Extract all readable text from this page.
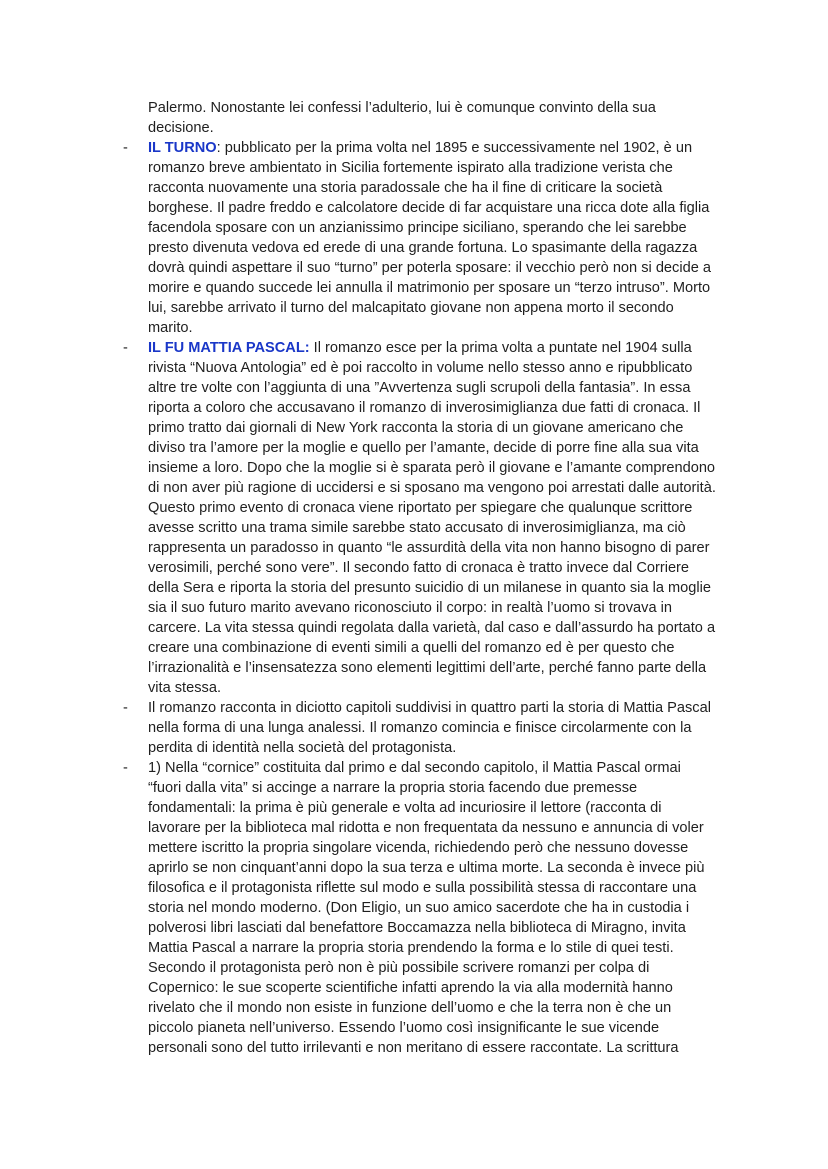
Palermo. Nonostante lei confessi l’adulterio, lui è comunque convinto della sua decisione.

- IL TURNO: pubblicato per la prima volta nel 1895 e successivamente nel 1902, è un romanzo breve ambientato in Sicilia fortemente ispirato alla tradizione verista che racconta nuovamente una storia paradossale che ha il fine di criticare la società borghese. Il padre freddo e calcolatore decide di far acquistare una ricca dote alla figlia facendola sposare con un anzianissimo principe siciliano, sperando che lei sarebbe presto divenuta vedova ed erede di una grande fortuna. Lo spasimante della ragazza dovrà quindi aspettare il suo “turno” per poterla sposare: il vecchio però non si decide a morire e quando succede lei annulla il matrimonio per sposare un “terzo intruso”. Morto lui, sarebbe arrivato il turno del malcapitato giovane non appena morto il secondo marito.
- IL FU MATTIA PASCAL: Il romanzo esce per la prima volta a puntate nel 1904 sulla rivista “Nuova Antologia” ed è poi raccolto in volume nello stesso anno e ripubblicato altre tre volte con l’aggiunta di una ”Avvertenza sugli scrupoli della fantasia”. In essa riporta a coloro che accusavano il romanzo di inverosimiglianza due fatti di cronaca. Il primo tratto dai giornali di New York racconta la storia di un giovane americano che diviso tra l’amore per la moglie e quello per l’amante, decide di porre fine alla sua vita insieme a loro. Dopo che la moglie si è sparata però il giovane e l’amante comprendono di non aver più ragione di uccidersi e si sposano ma vengono poi arrestati dalle autorità. Questo primo evento di cronaca viene riportato per spiegare che qualunque scrittore avesse scritto una trama simile sarebbe stato accusato di inverosimiglianza, ma ciò rappresenta un paradosso in quanto “le assurdità della vita non hanno bisogno di parer verosimili, perché sono vere”. Il secondo fatto di cronaca è tratto invece dal Corriere della Sera e riporta la storia del presunto suicidio di un milanese in quanto sia la moglie sia il suo futuro marito avevano riconosciuto il corpo: in realtà l’uomo si trovava in carcere. La vita stessa quindi regolata dalla varietà, dal caso e dall’assurdo ha portato a creare una combinazione di eventi simili a quelli del romanzo ed è per questo che l’irrazionalità e l’insensatezza sono elementi legittimi dell’arte, perché fanno parte della vita stessa.
- Il romanzo racconta in diciotto capitoli suddivisi in quattro parti la storia di Mattia Pascal nella forma di una lunga analessi. Il romanzo comincia e finisce circolarmente con la perdita di identità nella società del protagonista.
- 1) Nella “cornice” costituita dal primo e dal secondo capitolo, il Mattia Pascal ormai “fuori dalla vita” si accinge a narrare la propria storia facendo due premesse fondamentali: la prima è più generale e volta ad incuriosire il lettore (racconta di lavorare per la biblioteca mal ridotta e non frequentata da nessuno e annuncia di voler mettere iscritto la propria singolare vicenda, richiedendo però che nessuno dovesse aprirlo se non cinquant’anni dopo la sua terza e ultima morte. La seconda è invece più filosofica e il protagonista riflette sul modo e sulla possibilità stessa di raccontare una storia nel mondo moderno. (Don Eligio, un suo amico sacerdote che ha in custodia i polverosi libri lasciati dal benefattore Boccamazza nella biblioteca di Miragno, invita Mattia Pascal a narrare la propria storia prendendo la forma e lo stile di quei testi. Secondo il protagonista però non è più possibile scrivere romanzi per colpa di Copernico: le sue scoperte scientifiche infatti aprendo la via alla modernità hanno rivelato che il mondo non esiste in funzione dell’uomo e che la terra non è che un piccolo pianeta nell’universo. Essendo l’uomo così insignificante le sue vicende personali sono del tutto irrilevanti e non meritano di essere raccontate. La scrittura
